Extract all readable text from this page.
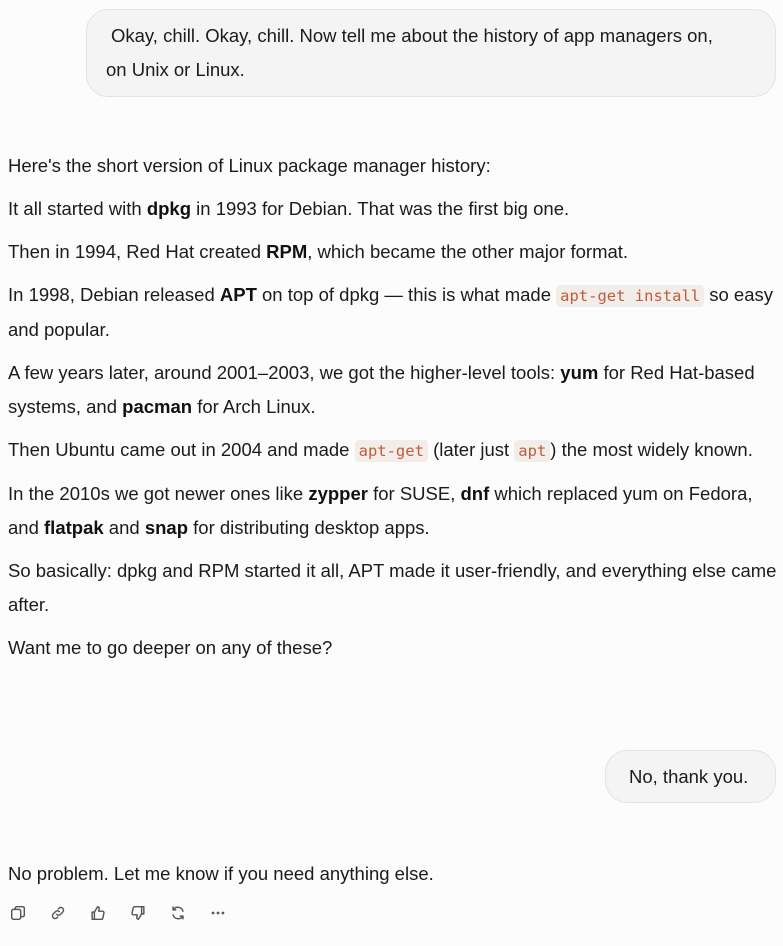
Okay, chill. Okay, chill. Now tell me about the history of app managers on,
on Unix or Linux.

Here's the short version of Linux package manager history:

It all started with dpkg in 1993 for Debian. That was the first big one.

Then in 1994, Red Hat created RPM, which became the other major format.

In 1998, Debian released APT on top of dpkg — this is what made apt-get install so easy and popular.

A few years later, around 2001–2003, we got the higher-level tools: yum for Red Hat-based systems, and pacman for Arch Linux.

Then Ubuntu came out in 2004 and made apt-get (later just apt ) the most widely known.

In the 2010s we got newer ones like zypper for SUSE, dnf which replaced yum on Fedora, and flatpak and snap for distributing desktop apps.

So basically: dpkg and RPM started it all, APT made it user-friendly, and everything else came after.

Want me to go deeper on any of these?

No, thank you.
No problem. Let me know if you need anything else.
